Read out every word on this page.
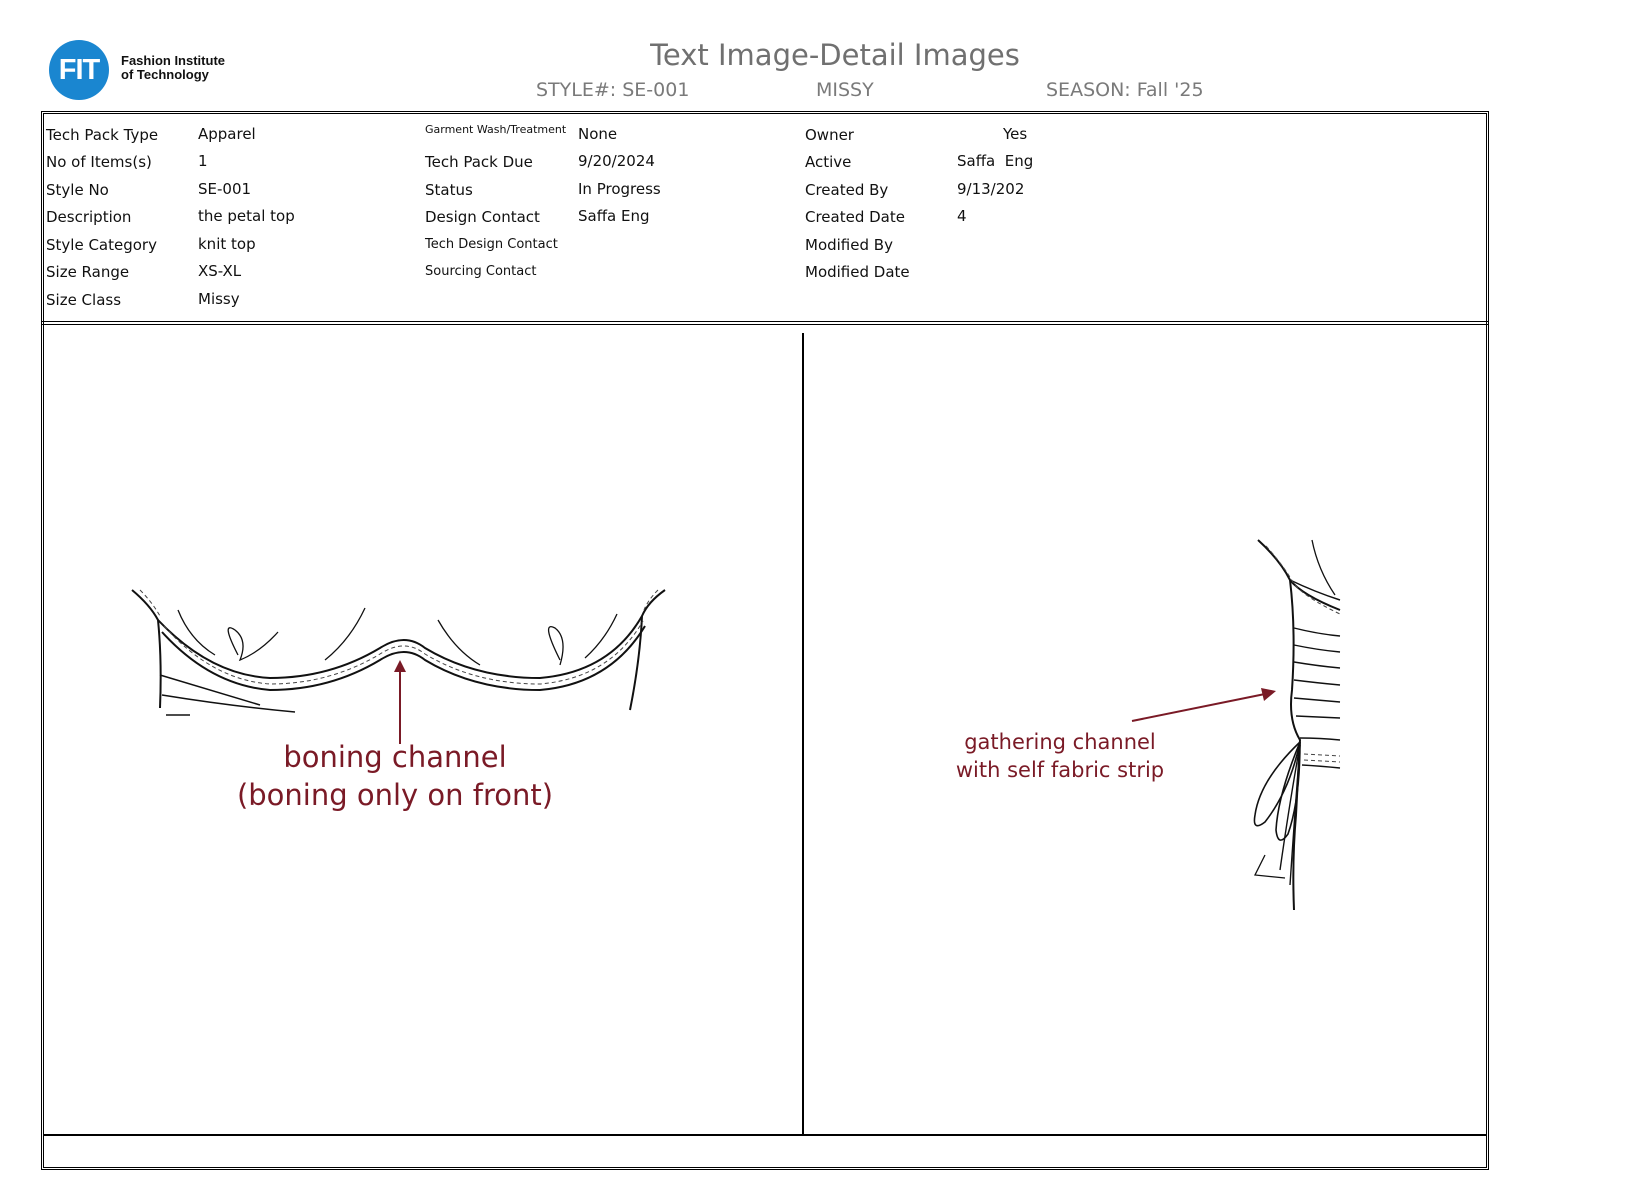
FIT	Fashion Institute
of Technology
Text Image-Detail Images
STYLE#: SE-001	MISSY	SEASON: Fall '25
Tech Pack Type	Apparel
No of Items(s)	1
Style No	SE-001
Description	the petal top
Style Category	knit top
Size Range	XS-XL
Size Class	Missy
Garment Wash/Treatment None
Tech Pack Due	9/20/2024
Status	In Progress
Design Contact	Saffa Eng
Tech Design Contact
Sourcing Contact
Owner	Yes
Active	Saffa  Eng
Created By	9/13/202
Created Date	4
Modified By
Modified Date
boning channel
(boning only on front)
gathering channel
with self fabric strip
